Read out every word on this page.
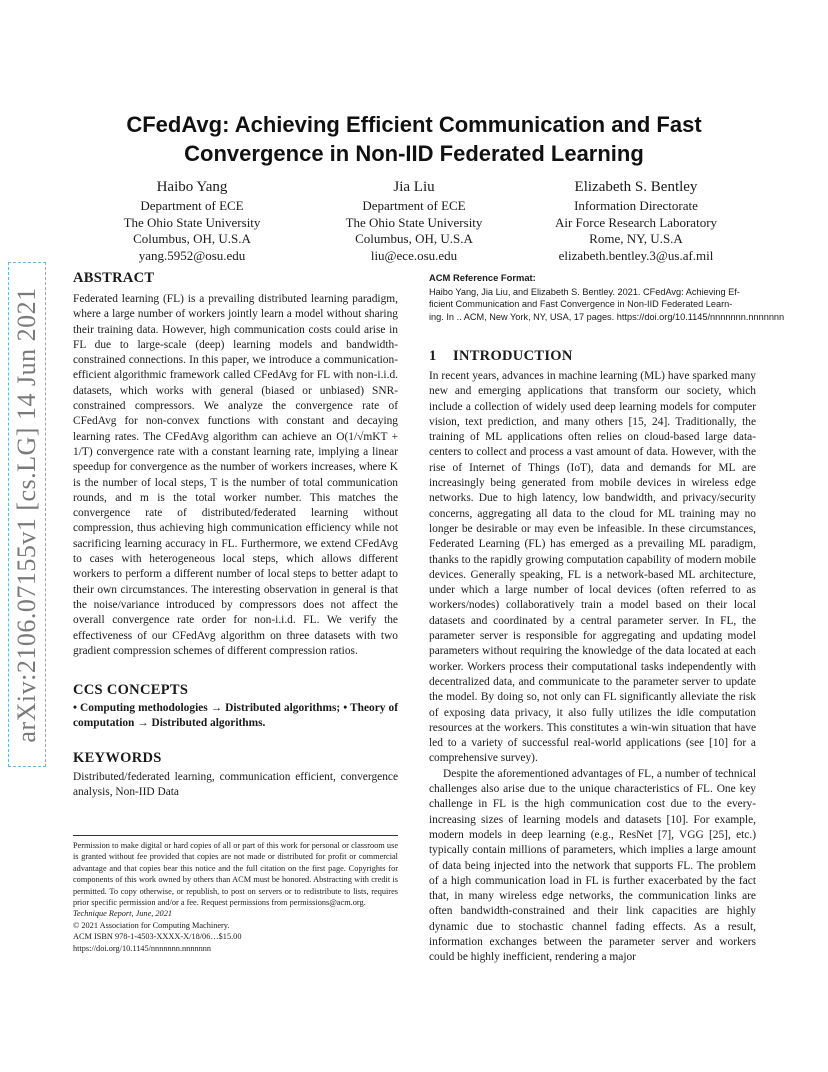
arXiv:2106.07155v1 [cs.LG] 14 Jun 2021
CFedAvg: Achieving Efficient Communication and Fast
Convergence in Non-IID Federated Learning
Haibo Yang
Department of ECE
The Ohio State University
Columbus, OH, U.S.A
yang.5952@osu.edu
Jia Liu
Department of ECE
The Ohio State University
Columbus, OH, U.S.A
liu@ece.osu.edu
Elizabeth S. Bentley
Information Directorate
Air Force Research Laboratory
Rome, NY, U.S.A
elizabeth.bentley.3@us.af.mil
ABSTRACT
Federated learning (FL) is a prevailing distributed learning paradigm, where a large number of workers jointly learn a model without sharing their training data. However, high communication costs could arise in FL due to large-scale (deep) learning models and bandwidth-constrained connections. In this paper, we introduce a communication-efficient algorithmic framework called CFedAvg for FL with non-i.i.d. datasets, which works with general (biased or unbiased) SNR-constrained compressors. We analyze the convergence rate of CFedAvg for non-convex functions with constant and decaying learning rates. The CFedAvg algorithm can achieve an O(1/√mKT + 1/T) convergence rate with a constant learning rate, implying a linear speedup for convergence as the number of workers increases, where K is the number of local steps, T is the number of total communication rounds, and m is the total worker number. This matches the convergence rate of distributed/federated learning without compression, thus achieving high communication efficiency while not sacrificing learning accuracy in FL. Furthermore, we extend CFedAvg to cases with heterogeneous local steps, which allows different workers to perform a different number of local steps to better adapt to their own circumstances. The interesting observation in general is that the noise/variance introduced by compressors does not affect the overall convergence rate order for non-i.i.d. FL. We verify the effectiveness of our CFedAvg algorithm on three datasets with two gradient compression schemes of different compression ratios.
CCS CONCEPTS
• Computing methodologies → Distributed algorithms; • Theory of computation → Distributed algorithms.
KEYWORDS
Distributed/federated learning, communication efficient, convergence analysis, Non-IID Data

Permission to make digital or hard copies of all or part of this work for personal or classroom use is granted without fee provided that copies are not made or distributed for profit or commercial advantage and that copies bear this notice and the full citation on the first page. Copyrights for components of this work owned by others than ACM must be honored. Abstracting with credit is permitted. To copy otherwise, or republish, to post on servers or to redistribute to lists, requires prior specific permission and/or a fee. Request permissions from permissions@acm.org.

Technique Report, June, 2021

© 2021 Association for Computing Machinery.

ACM ISBN 978-1-4503-XXXX-X/18/06…$15.00

https://doi.org/10.1145/nnnnnnn.nnnnnnn

ACM Reference Format:
Haibo Yang, Jia Liu, and Elizabeth S. Bentley. 2021. CFedAvg: Achieving Ef-
ficient Communication and Fast Convergence in Non-IID Federated Learn-
ing. In .. ACM, New York, NY, USA, 17 pages. https://doi.org/10.1145/nnnnnnn.nnnnnnn
1 INTRODUCTION

In recent years, advances in machine learning (ML) have sparked many new and emerging applications that transform our society, which include a collection of widely used deep learning models for computer vision, text prediction, and many others [15, 24]. Traditionally, the training of ML applications often relies on cloud-based large data-centers to collect and process a vast amount of data. However, with the rise of Internet of Things (IoT), data and demands for ML are increasingly being generated from mobile devices in wireless edge networks. Due to high latency, low bandwidth, and privacy/security concerns, aggregating all data to the cloud for ML training may no longer be desirable or may even be infeasible. In these circumstances, Federated Learning (FL) has emerged as a prevailing ML paradigm, thanks to the rapidly growing computation capability of modern mobile devices. Generally speaking, FL is a network-based ML architecture, under which a large number of local devices (often referred to as workers/nodes) collaboratively train a model based on their local datasets and coordinated by a central parameter server. In FL, the parameter server is responsible for aggregating and updating model parameters without requiring the knowledge of the data located at each worker. Workers process their computational tasks independently with decentralized data, and communicate to the parameter server to update the model. By doing so, not only can FL significantly alleviate the risk of exposing data privacy, it also fully utilizes the idle computation resources at the workers. This constitutes a win-win situation that have led to a variety of successful real-world applications (see [10] for a comprehensive survey).

Despite the aforementioned advantages of FL, a number of technical challenges also arise due to the unique characteristics of FL. One key challenge in FL is the high communication cost due to the every-increasing sizes of learning models and datasets [10]. For example, modern models in deep learning (e.g., ResNet [7], VGG [25], etc.) typically contain millions of parameters, which implies a large amount of data being injected into the network that supports FL. The problem of a high communication load in FL is further exacerbated by the fact that, in many wireless edge networks, the communication links are often bandwidth-constrained and their link capacities are highly dynamic due to stochastic channel fading effects. As a result, information exchanges between the parameter server and workers could be highly inefficient, rendering a major
